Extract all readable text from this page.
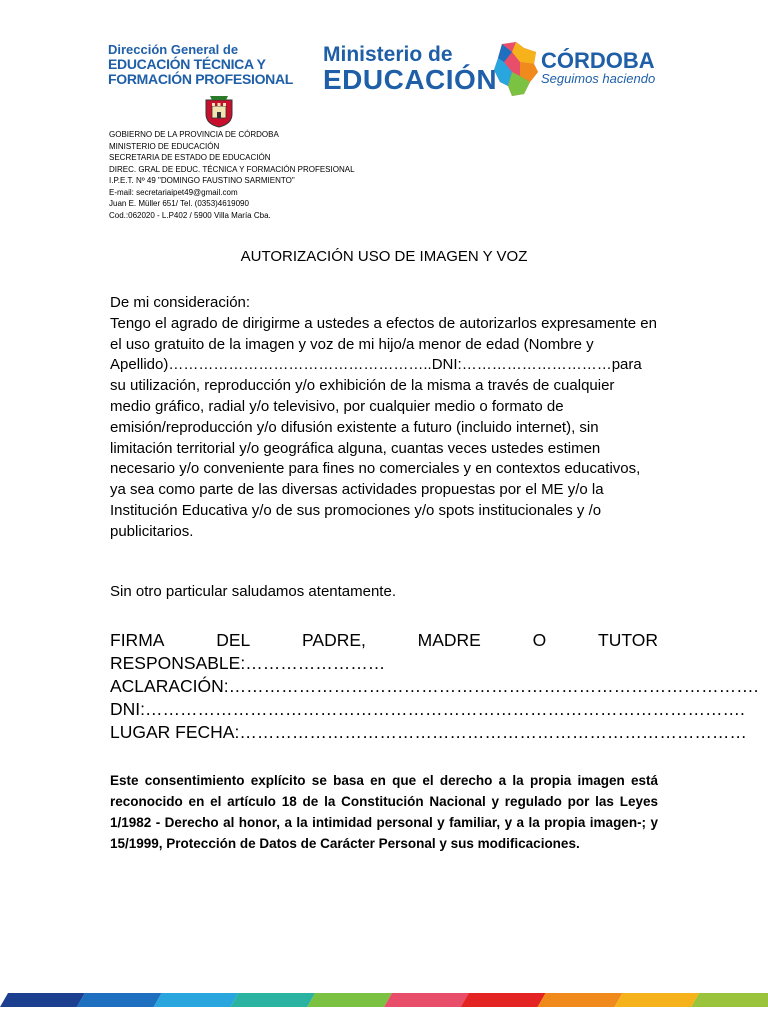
Dirección General de
EDUCACIÓN TÉCNICA Y
FORMACIÓN PROFESIONAL
Ministerio de
EDUCACIÓN
CÓRDOBA
Seguimos haciendo
GOBIERNO DE LA PROVINCIA DE CÓRDOBA
MINISTERIO DE EDUCACIÓN
SECRETARIA DE ESTADO DE EDUCACIÓN
DIREC. GRAL DE EDUC. TÉCNICA Y FORMACIÓN PROFESIONAL
I.P.E.T. Nº 49 "DOMINGO FAUSTINO SARMIENTO"
E-mail: secretariaipet49@gmail.com
Juan E. Müller 651/ Tel. (0353)4619090
Cod.:062020 - L.P402 / 5900 Villa María Cba.
AUTORIZACIÓN USO DE IMAGEN Y VOZ

De mi consideración:

Tengo el agrado de dirigirme a ustedes a efectos de autorizarlos expresamente en el uso gratuito de la imagen y voz de mi hijo/a menor de edad (Nombre y Apellido)……………………………………………..DNI:…………………………para su utilización, reproducción y/o exhibición de la misma a través de cualquier medio gráfico, radial y/o televisivo, por cualquier medio o formato de emisión/reproducción y/o difusión existente a futuro (incluido internet), sin limitación territorial y/o geográfica alguna, cuantas veces ustedes estimen necesario y/o conveniente para fines no comerciales y en contextos educativos, ya sea como parte de las diversas actividades propuestas por el ME y/o la Institución Educativa y/o de sus promociones y/o spots institucionales y /o publicitarios.

Sin otro particular saludamos atentamente.
FIRMA	DEL	PADRE,	MADRE	O	TUTOR
RESPONSABLE:……………………
ACLARACIÓN:……………………………………………………………………………….
DNI:………………………………………………………………………………………….
LUGAR FECHA:……………………………………………………………………………
Este consentimiento explícito se basa en que el derecho a la propia imagen está reconocido en el artículo 18 de la Constitución Nacional y regulado por las Leyes 1/1982 - Derecho al honor, a la intimidad personal y familiar, y a la propia imagen-; y 15/1999, Protección de Datos de Carácter Personal y sus modificaciones.
